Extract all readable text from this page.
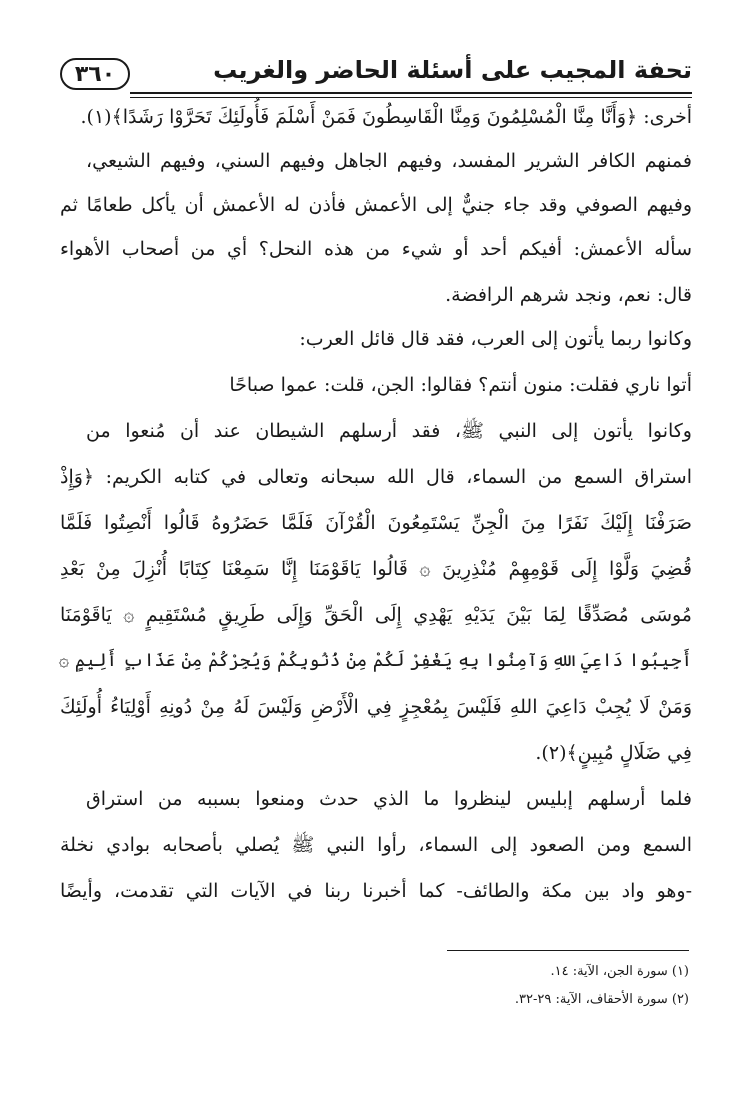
٣٦٠	تحفة المجيب على أسئلة الحاضر والغريب
أخرى: ﴿وَأَنَّا مِنَّا الْمُسْلِمُونَ وَمِنَّا الْقَاسِطُونَ فَمَنْ أَسْلَمَ فَأُولَئِكَ تَحَرَّوْا رَشَدًا﴾(١).
فمنهم الكافر الشرير المفسد، وفيهم الجاهل وفيهم السني، وفيهم الشيعي،
وفيهم الصوفي وقد جاء جنيٌّ إلى الأعمش فأذن له الأعمش أن يأكل طعامًا ثم
سأله الأعمش: أفيكم أحد أو شيء من هذه النحل؟ أي من أصحاب الأهواء
قال: نعم، ونجد شرهم الرافضة.
وكانوا ربما يأتون إلى العرب، فقد قال قائل العرب:
أتوا ناري فقلت: منون أنتم؟ فقالوا: الجن، قلت: عموا صباحًا
وكانوا يأتون إلى النبي ﷺ، فقد أرسلهم الشيطان عند أن مُنعوا من
استراق السمع من السماء، قال الله سبحانه وتعالى في كتابه الكريم: ﴿وَإِذْ
صَرَفْنَا إِلَيْكَ نَفَرًا مِنَ الْجِنِّ يَسْتَمِعُونَ الْقُرْآنَ فَلَمَّا حَضَرُوهُ قَالُوا أَنْصِتُوا فَلَمَّا
قُضِيَ وَلَّوْا إِلَى قَوْمِهِمْ مُنْذِرِينَ ۞ قَالُوا يَاقَوْمَنَا إِنَّا سَمِعْنَا كِتَابًا أُنْزِلَ مِنْ بَعْدِ
مُوسَى مُصَدِّقًا لِمَا بَيْنَ يَدَيْهِ يَهْدِي إِلَى الْحَقِّ وَإِلَى طَرِيقٍ مُسْتَقِيمٍ ۞ يَاقَوْمَنَا
أَجِيبُوا دَاعِيَ اللهِ وَآمِنُوا بِهِ يَغْفِرْ لَكُمْ مِنْ ذُنُوبِكُمْ وَيُجِرْكُمْ مِنْ عَذَابٍ أَلِيمٍ ۞
وَمَنْ لَا يُجِبْ دَاعِيَ اللهِ فَلَيْسَ بِمُعْجِزٍ فِي الْأَرْضِ وَلَيْسَ لَهُ مِنْ دُونِهِ أَوْلِيَاءُ أُولَئِكَ
فِي ضَلَالٍ مُبِينٍ﴾(٢).
فلما أرسلهم إبليس لينظروا ما الذي حدث ومنعوا بسببه من استراق
السمع ومن الصعود إلى السماء، رأوا النبي ﷺ يُصلي بأصحابه بوادي نخلة
-وهو واد بين مكة والطائف- كما أخبرنا ربنا في الآيات التي تقدمت، وأيضًا
(١) سورة الجن، الآية: ١٤.
(٢) سورة الأحقاف، الآية: ٢٩-٣٢.
